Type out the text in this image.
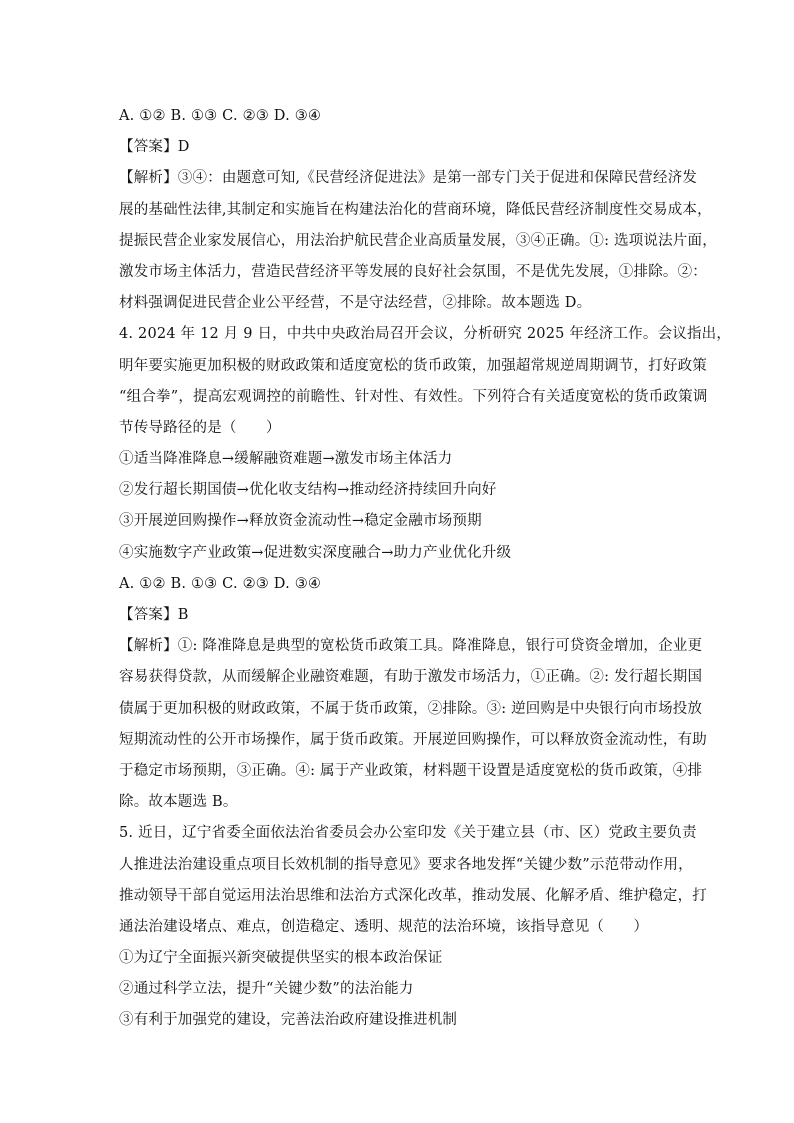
A. ①② B. ①③ C. ②③ D. ③④
【答案】D
【解析】③④：由题意可知,《民营经济促进法》是第一部专门关于促进和保障民营经济发
展的基础性法律,其制定和实施旨在构建法治化的营商环境，降低民营经济制度性交易成本，
提振民营企业家发展信心，用法治护航民营企业高质量发展，③④正确。①: 选项说法片面，
激发市场主体活力，营造民营经济平等发展的良好社会氛围，不是优先发展，①排除。②：
材料强调促进民营企业公平经营，不是守法经营，②排除。故本题选 D。
4. 2024 年 12 月 9 日，中共中央政治局召开会议，分析研究 2025 年经济工作。会议指出，
明年要实施更加积极的财政政策和适度宽松的货币政策，加强超常规逆周期调节，打好政策
“组合拳”，提高宏观调控的前瞻性、针对性、有效性。下列符合有关适度宽松的货币政策调
节传导路径的是（　　）
①适当降准降息→缓解融资难题→激发市场主体活力
②发行超长期国债→优化收支结构→推动经济持续回升向好
③开展逆回购操作→释放资金流动性→稳定金融市场预期
④实施数字产业政策→促进数实深度融合→助力产业优化升级
A. ①② B. ①③ C. ②③ D. ③④
【答案】B
【解析】①: 降准降息是典型的宽松货币政策工具。降准降息，银行可贷资金增加，企业更
容易获得贷款，从而缓解企业融资难题，有助于激发市场活力，①正确。②: 发行超长期国
债属于更加积极的财政政策，不属于货币政策，②排除。③: 逆回购是中央银行向市场投放
短期流动性的公开市场操作，属于货币政策。开展逆回购操作，可以释放资金流动性，有助
于稳定市场预期，③正确。④: 属于产业政策，材料题干设置是适度宽松的货币政策，④排
除。故本题选 B。
5. 近日，辽宁省委全面依法治省委员会办公室印发《关于建立县（市、区）党政主要负责
人推进法治建设重点项目长效机制的指导意见》要求各地发挥“关键少数”示范带动作用，
推动领导干部自觉运用法治思维和法治方式深化改革，推动发展、化解矛盾、维护稳定，打
通法治建设堵点、难点，创造稳定、透明、规范的法治环境，该指导意见（　　）
①为辽宁全面振兴新突破提供坚实的根本政治保证
②通过科学立法，提升“关键少数”的法治能力
③有利于加强党的建设，完善法治政府建设推进机制
